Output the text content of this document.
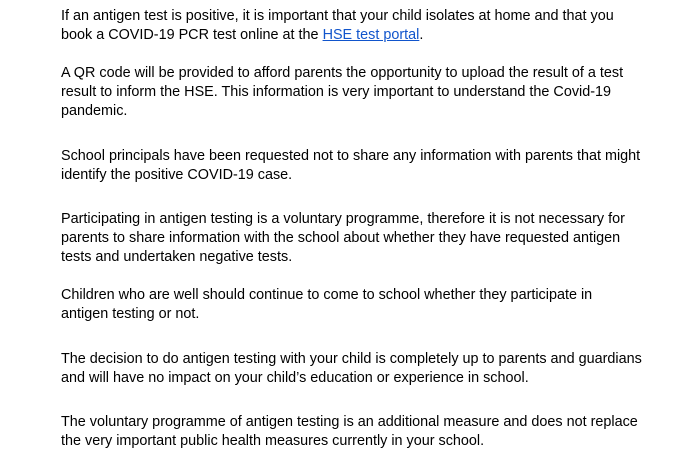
If an antigen test is positive, it is important that your child isolates at home and that you
book a COVID-19 PCR test online at the HSE test portal.

A QR code will be provided to afford parents the opportunity to upload the result of a test
result to inform the HSE. This information is very important to understand the Covid-19
pandemic.

School principals have been requested not to share any information with parents that might
identify the positive COVID-19 case.

Participating in antigen testing is a voluntary programme, therefore it is not necessary for
parents to share information with the school about whether they have requested antigen
tests and undertaken negative tests.

Children who are well should continue to come to school whether they participate in
antigen testing or not.

The decision to do antigen testing with your child is completely up to parents and guardians
and will have no impact on your child’s education or experience in school.

The voluntary programme of antigen testing is an additional measure and does not replace
the very important public health measures currently in your school.
